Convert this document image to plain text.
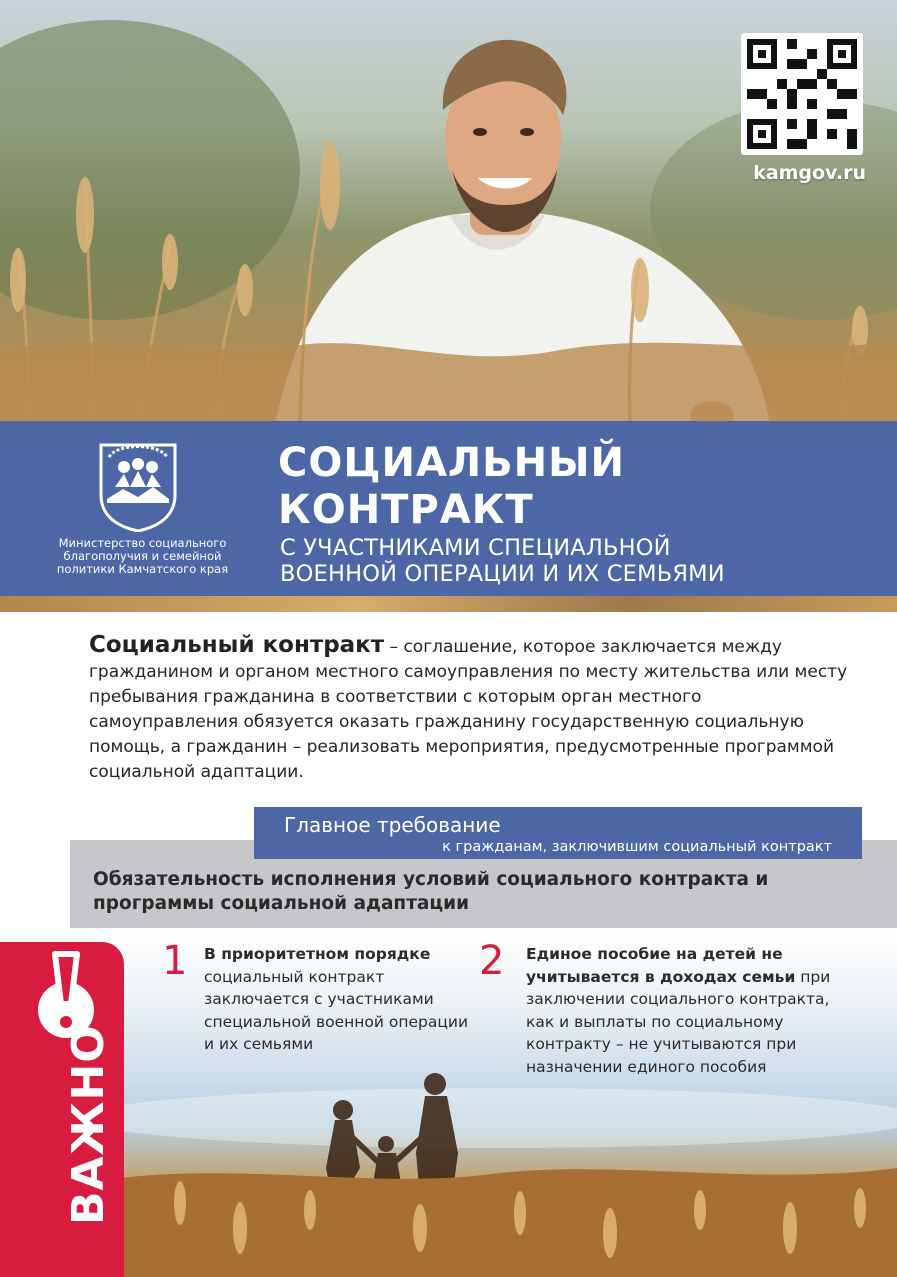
kamgov.ru
Министерство социального благополучия и семейной политики Камчатского края
СОЦИАЛЬНЫЙ
КОНТРАКТ
С УЧАСТНИКАМИ СПЕЦИАЛЬНОЙ
ВОЕННОЙ ОПЕРАЦИИ И ИХ СЕМЬЯМИ
Социальный контракт – соглашение, которое заключается между гражданином и органом местного самоуправления по месту жительства или месту пребывания гражданина в соответствии с которым орган местного самоуправления обязуется оказать гражданину государственную социальную помощь, а гражданин – реализовать мероприятия, предусмотренные программой социальной адаптации.
Главное требование
к гражданам, заключившим социальный контракт
Обязательность исполнения условий социального контракта и программы социальной адаптации
ВАЖНО
1 В приоритетном порядке
социальный контракт заключается с участниками специальной военной операции и их семьями
2 Единое пособие на детей не учитывается в доходах семьи при заключении социального контракта, как и выплаты по социальному контракту – не учитываются при назначении единого пособия
